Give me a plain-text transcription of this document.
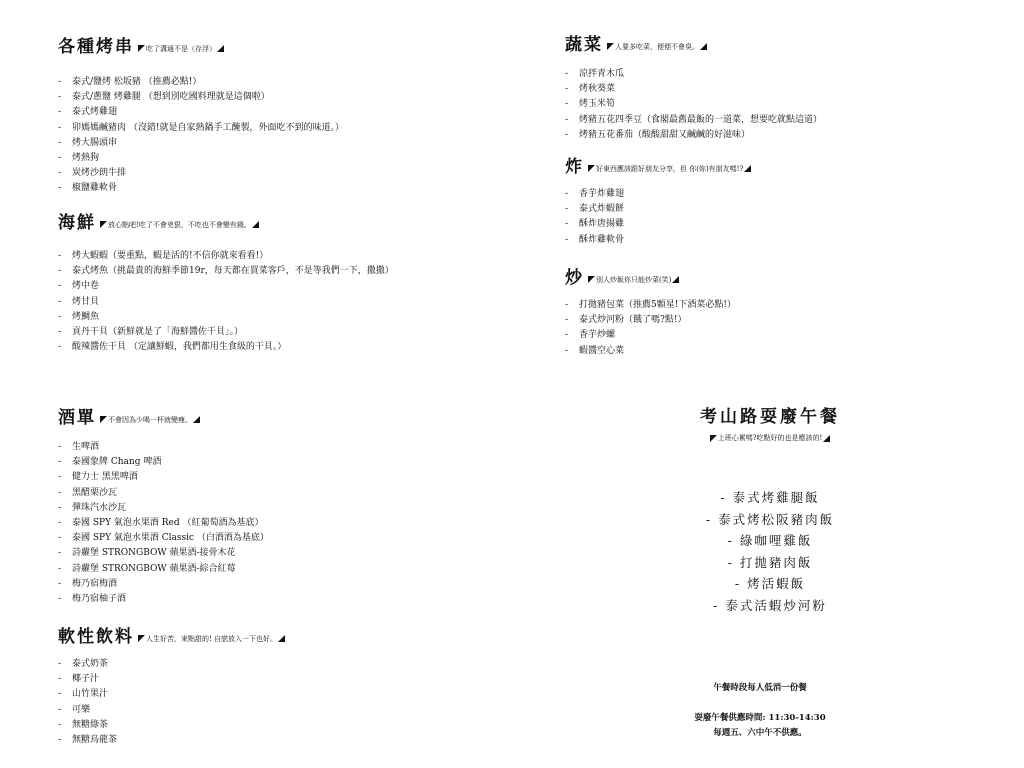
各種烤串 吃了溝通不是（存浮）
-	泰式/鹽烤 松坂豬 （推薦必點!）
-	泰式/蔥鹽 烤雞腿 （想到別吃國料理就是這個啦）
-	泰式烤雞翅
-	卯媽媽鹹豬肉 （沒錯!就是自家熱鍋手工醃製，外面吃不到的味道。）
-	烤大腸頭串
-	烤熱狗
-	炭烤沙朗牛排
-	椒鹽雞軟骨
海鮮 放心點吧!吃了不會兇狠，不吃也不會變有錢。
-	烤大蝦蝦（要重點，蝦是活的!不信你就來看看!）
-	泰式烤魚（挑最貴的海鮮季節19r，每天都在買菜客戶，不是等我們一下，撒撒）
-	烤中卷
-	烤甘貝
-	烤鯛魚
-	貢丹干貝（新鮮就是了「海鮮醬佐干貝」。）
-	酸辣醬佐干貝 （定讓鮮蝦，我們都用生食級的干貝。）
酒單 不會因為少喝一杯就變瘦。
-	生啤酒
-	泰國象牌 Chang 啤酒
-	健力士 黑黑啤酒
-	黑醋栗沙瓦
-	彈珠汽水沙瓦
-	泰國 SPY 氣泡水果酒 Red （紅葡萄酒為基底）
-	泰國 SPY 氣泡水果酒 Classic （白酒酒為基底）
-	詩蘿堡 STRONGBOW 蘋果酒-接骨木花
-	詩蘿堡 STRONGBOW 蘋果酒-綜合紅莓
-	梅乃宿梅酒
-	梅乃宿柚子酒
軟性飲料 人生好苦，來點甜的! 自戀放入一下也好。
-	泰式奶茶
-	椰子汁
-	山竹果汁
-	可樂
-	無糖綠茶
-	無糖烏龍茶
蔬菜 人要多吃菜，便便不會臭。
-	涼拌青木瓜
-	烤秋葵菜
-	烤玉米筍
-	烤豬五花四季豆（食閣最舊最飯的一道菜，想要吃就點這道）
-	烤豬五花番茄（酸酸甜甜又鹹鹹的好滋味）
炸 好東西應該跟好朋友分享，但 你(妳)有朋友嗎!?
-	香芋炸雞翅
-	泰式炸蝦餅
-	酥炸唐揚雞
-	酥炸雞軟骨
炒 別人炒飯你只能炒菜(笑)
-	打拋豬包菜（推薦5顆星!下酒菜必點!）
-	泰式炒河粉（餓了嗎?點!）
-	香芋炒螺
-	蝦醬空心菜
考山路耍廢午餐
上班心累嗎?吃點好的也是應該的!
- 泰式烤雞腿飯
- 泰式烤松阪豬肉飯
- 綠咖哩雞飯
- 打拋豬肉飯
- 烤活蝦飯
- 泰式活蝦炒河粉
午餐時段每人低消一份餐
耍廢午餐供應時間: 11:30-14:30
每週五、六中午不供應。
